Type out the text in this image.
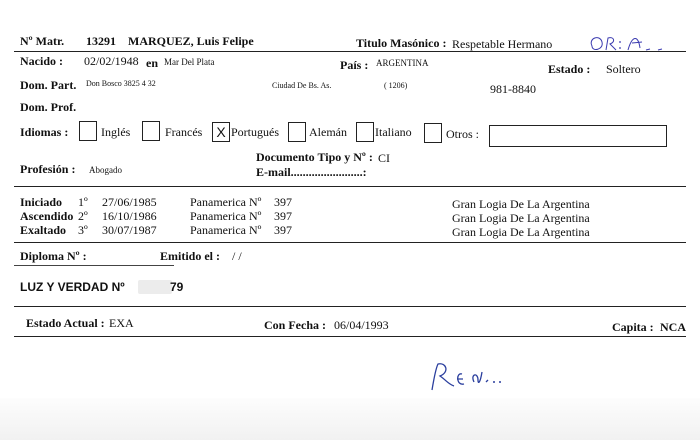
Nº Matr. 13291 MARQUEZ, Luis Felipe	Titulo Masónico : Respetable Hermano
Nacido : 02/02/1948 en Mar Del Plata	País : ARGENTINA	Estado : Soltero
Dom. Part. Don Bosco 3825 4 32	Ciudad De Bs. As.	( 1206)	981-8840
Dom. Prof.
Idiomas :	Inglés	Francés	X Portugués	Alemán Italiano	Otros :
Documento Tipo y Nº : CI
Profesión : Abogado	E-mail........................:
Iniciado 1º 27/06/1985	Panamerica Nº 397	Gran Logia De La Argentina
Ascendido 2º 16/10/1986	Panamerica Nº 397	Gran Logia De La Argentina
Exaltado 3º 30/07/1987	Panamerica Nº 397	Gran Logia De La Argentina
Diploma Nº :	Emitido el : / /
LUZ Y VERDAD Nº	79
Estado Actual : EXA	Con Fecha : 06/04/1993	Capita : NCA
